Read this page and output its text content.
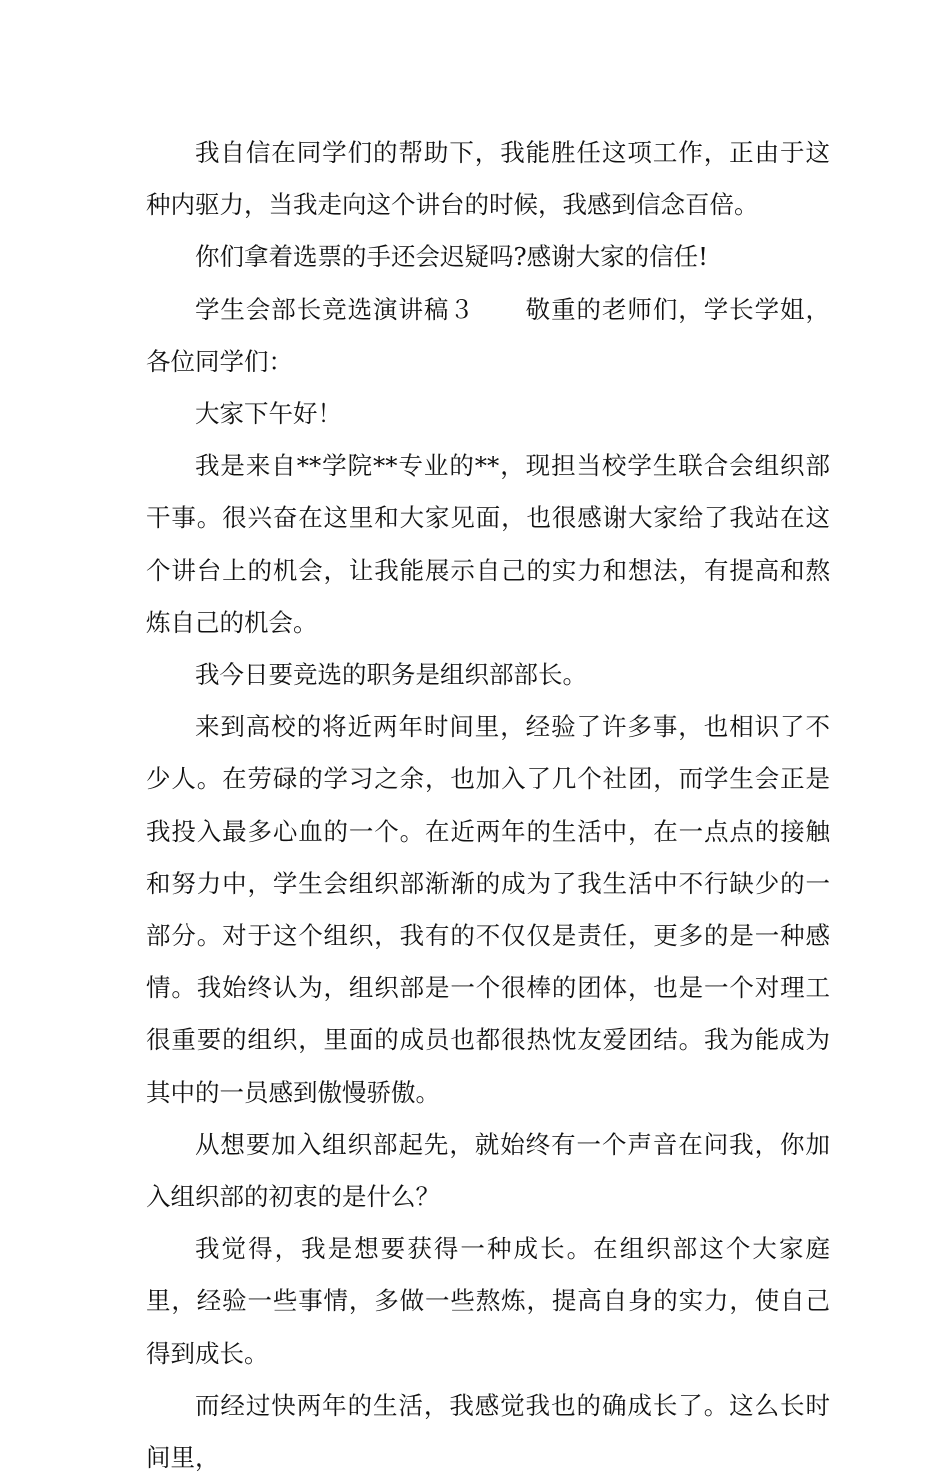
我自信在同学们的帮助下，我能胜任这项工作，正由于这种内驱力，当我走向这个讲台的时候，我感到信念百倍。

你们拿着选票的手还会迟疑吗?感谢大家的信任!

学生会部长竞选演讲稿３　　敬重的老师们，学长学姐，各位同学们：

大家下午好！

我是来自**学院**专业的**，现担当校学生联合会组织部干事。很兴奋在这里和大家见面，也很感谢大家给了我站在这个讲台上的机会，让我能展示自己的实力和想法，有提高和熬炼自己的机会。

我今日要竞选的职务是组织部部长。

来到高校的将近两年时间里，经验了许多事，也相识了不少人。在劳碌的学习之余，也加入了几个社团，而学生会正是我投入最多心血的一个。在近两年的生活中，在一点点的接触和努力中，学生会组织部渐渐的成为了我生活中不行缺少的一部分。对于这个组织，我有的不仅仅是责任，更多的是一种感情。我始终认为，组织部是一个很棒的团体，也是一个对理工很重要的组织，里面的成员也都很热忱友爱团结。我为能成为其中的一员感到傲慢骄傲。

从想要加入组织部起先，就始终有一个声音在问我，你加入组织部的初衷的是什么？

我觉得，我是想要获得一种成长。在组织部这个大家庭里，经验一些事情，多做一些熬炼，提高自身的实力，使自己得到成长。

而经过快两年的生活，我感觉我也的确成长了。这么长时间里，
